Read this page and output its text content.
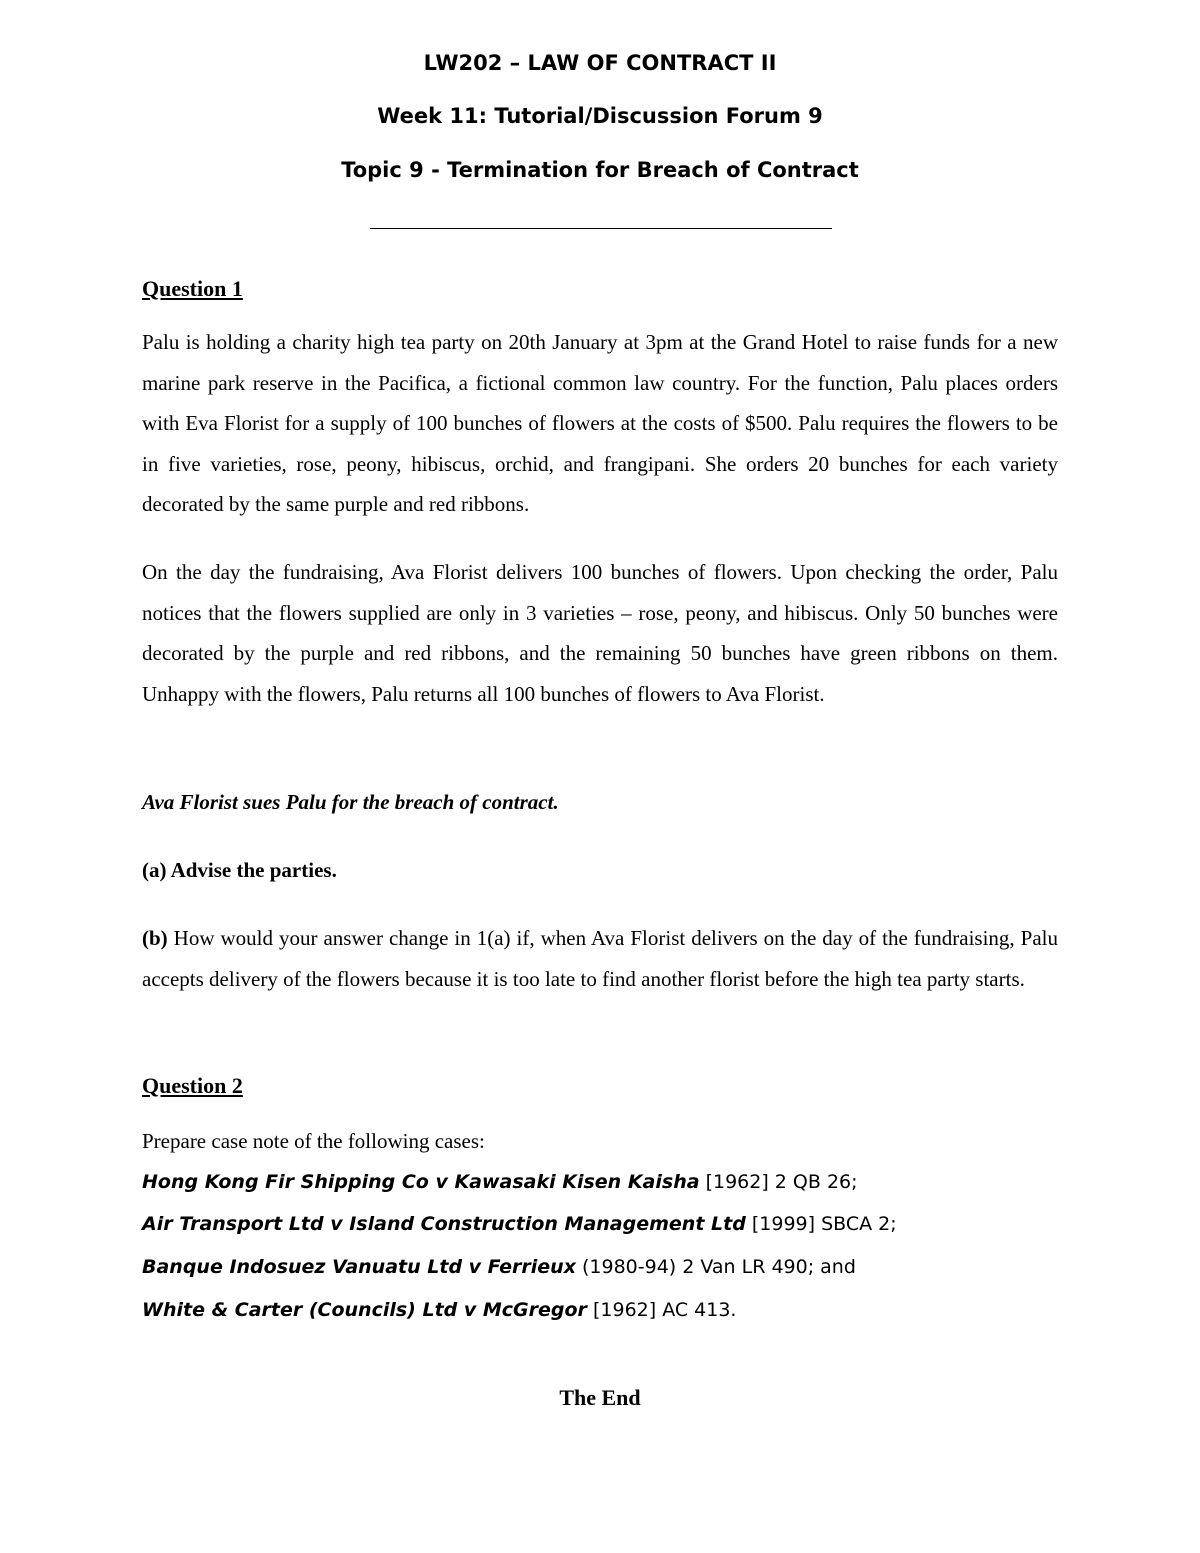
LW202 – LAW OF CONTRACT II
Week 11: Tutorial/Discussion Forum 9
Topic 9 - Termination for Breach of Contract
Question 1
Palu is holding a charity high tea party on 20th January at 3pm at the Grand Hotel to raise funds for a new marine park reserve in the Pacifica, a fictional common law country. For the function, Palu places orders with Eva Florist for a supply of 100 bunches of flowers at the costs of $500. Palu requires the flowers to be in five varieties, rose, peony, hibiscus, orchid, and frangipani. She orders 20 bunches for each variety decorated by the same purple and red ribbons.
On the day the fundraising, Ava Florist delivers 100 bunches of flowers. Upon checking the order, Palu notices that the flowers supplied are only in 3 varieties – rose, peony, and hibiscus. Only 50 bunches were decorated by the purple and red ribbons, and the remaining 50 bunches have green ribbons on them. Unhappy with the flowers, Palu returns all 100 bunches of flowers to Ava Florist.
Ava Florist sues Palu for the breach of contract.
(a) Advise the parties.
(b) How would your answer change in 1(a) if, when Ava Florist delivers on the day of the fundraising, Palu accepts delivery of the flowers because it is too late to find another florist before the high tea party starts.
Question 2
Prepare case note of the following cases:
Hong Kong Fir Shipping Co v Kawasaki Kisen Kaisha [1962] 2 QB 26;
Air Transport Ltd v Island Construction Management Ltd [1999] SBCA 2;
Banque Indosuez Vanuatu Ltd v Ferrieux (1980-94) 2 Van LR 490; and
White & Carter (Councils) Ltd v McGregor [1962] AC 413.
The End
